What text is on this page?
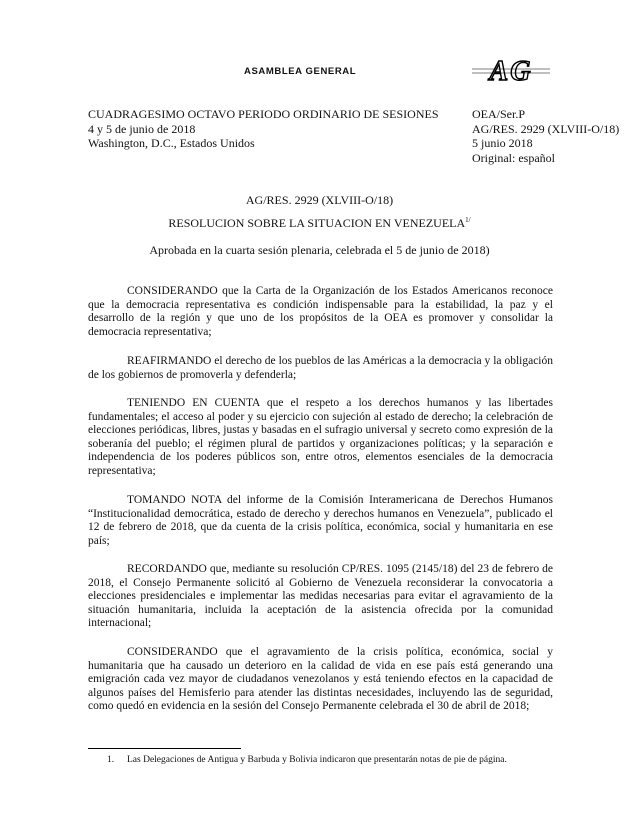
ASAMBLEA GENERAL	AG
CUADRAGESIMO OCTAVO PERIODO ORDINARIO DE SESIONES
4 y 5 de junio de 2018
Washington, D.C., Estados Unidos
OEA/Ser.P
AG/RES. 2929 (XLVIII-O/18)
5 junio 2018
Original: español
AG/RES. 2929 (XLVIII-O/18)
RESOLUCION SOBRE LA SITUACION EN $VENEZUELA^{1/}$
Aprobada en la cuarta sesión plenaria, celebrada el 5 de junio de 2018)

CONSIDERANDO que la Carta de la Organización de los Estados Americanos reconoce que la democracia representativa es condición indispensable para la estabilidad, la paz y el desarrollo de la región y que uno de los propósitos de la OEA es promover y consolidar la democracia representativa;

REAFIRMANDO el derecho de los pueblos de las Américas a la democracia y la obligación de los gobiernos de promoverla y defenderla;

TENIENDO EN CUENTA que el respeto a los derechos humanos y las libertades fundamentales; el acceso al poder y su ejercicio con sujeción al estado de derecho; la celebración de elecciones periódicas, libres, justas y basadas en el sufragio universal y secreto como expresión de la soberanía del pueblo; el régimen plural de partidos y organizaciones políticas; y la separación e independencia de los poderes públicos son, entre otros, elementos esenciales de la democracia representativa;

TOMANDO NOTA del informe de la Comisión Interamericana de Derechos Humanos “Institucionalidad democrática, estado de derecho y derechos humanos en Venezuela”, publicado el 12 de febrero de 2018, que da cuenta de la crisis política, económica, social y humanitaria en ese país;

RECORDANDO que, mediante su resolución CP/RES. 1095 (2145/18) del 23 de febrero de 2018, el Consejo Permanente solicitó al Gobierno de Venezuela reconsiderar la convocatoria a elecciones presidenciales e implementar las medidas necesarias para evitar el agravamiento de la situación humanitaria, incluida la aceptación de la asistencia ofrecida por la comunidad internacional;

CONSIDERANDO que el agravamiento de la crisis política, económica, social y humanitaria que ha causado un deterioro en la calidad de vida en ese país está generando una emigración cada vez mayor de ciudadanos venezolanos y está teniendo efectos en la capacidad de algunos países del Hemisferio para atender las distintas necesidades, incluyendo las de seguridad, como quedó en evidencia en la sesión del Consejo Permanente celebrada el 30 de abril de 2018;

1. Las Delegaciones de Antigua y Barbuda y Bolivia indicaron que presentarán notas de pie de página.
